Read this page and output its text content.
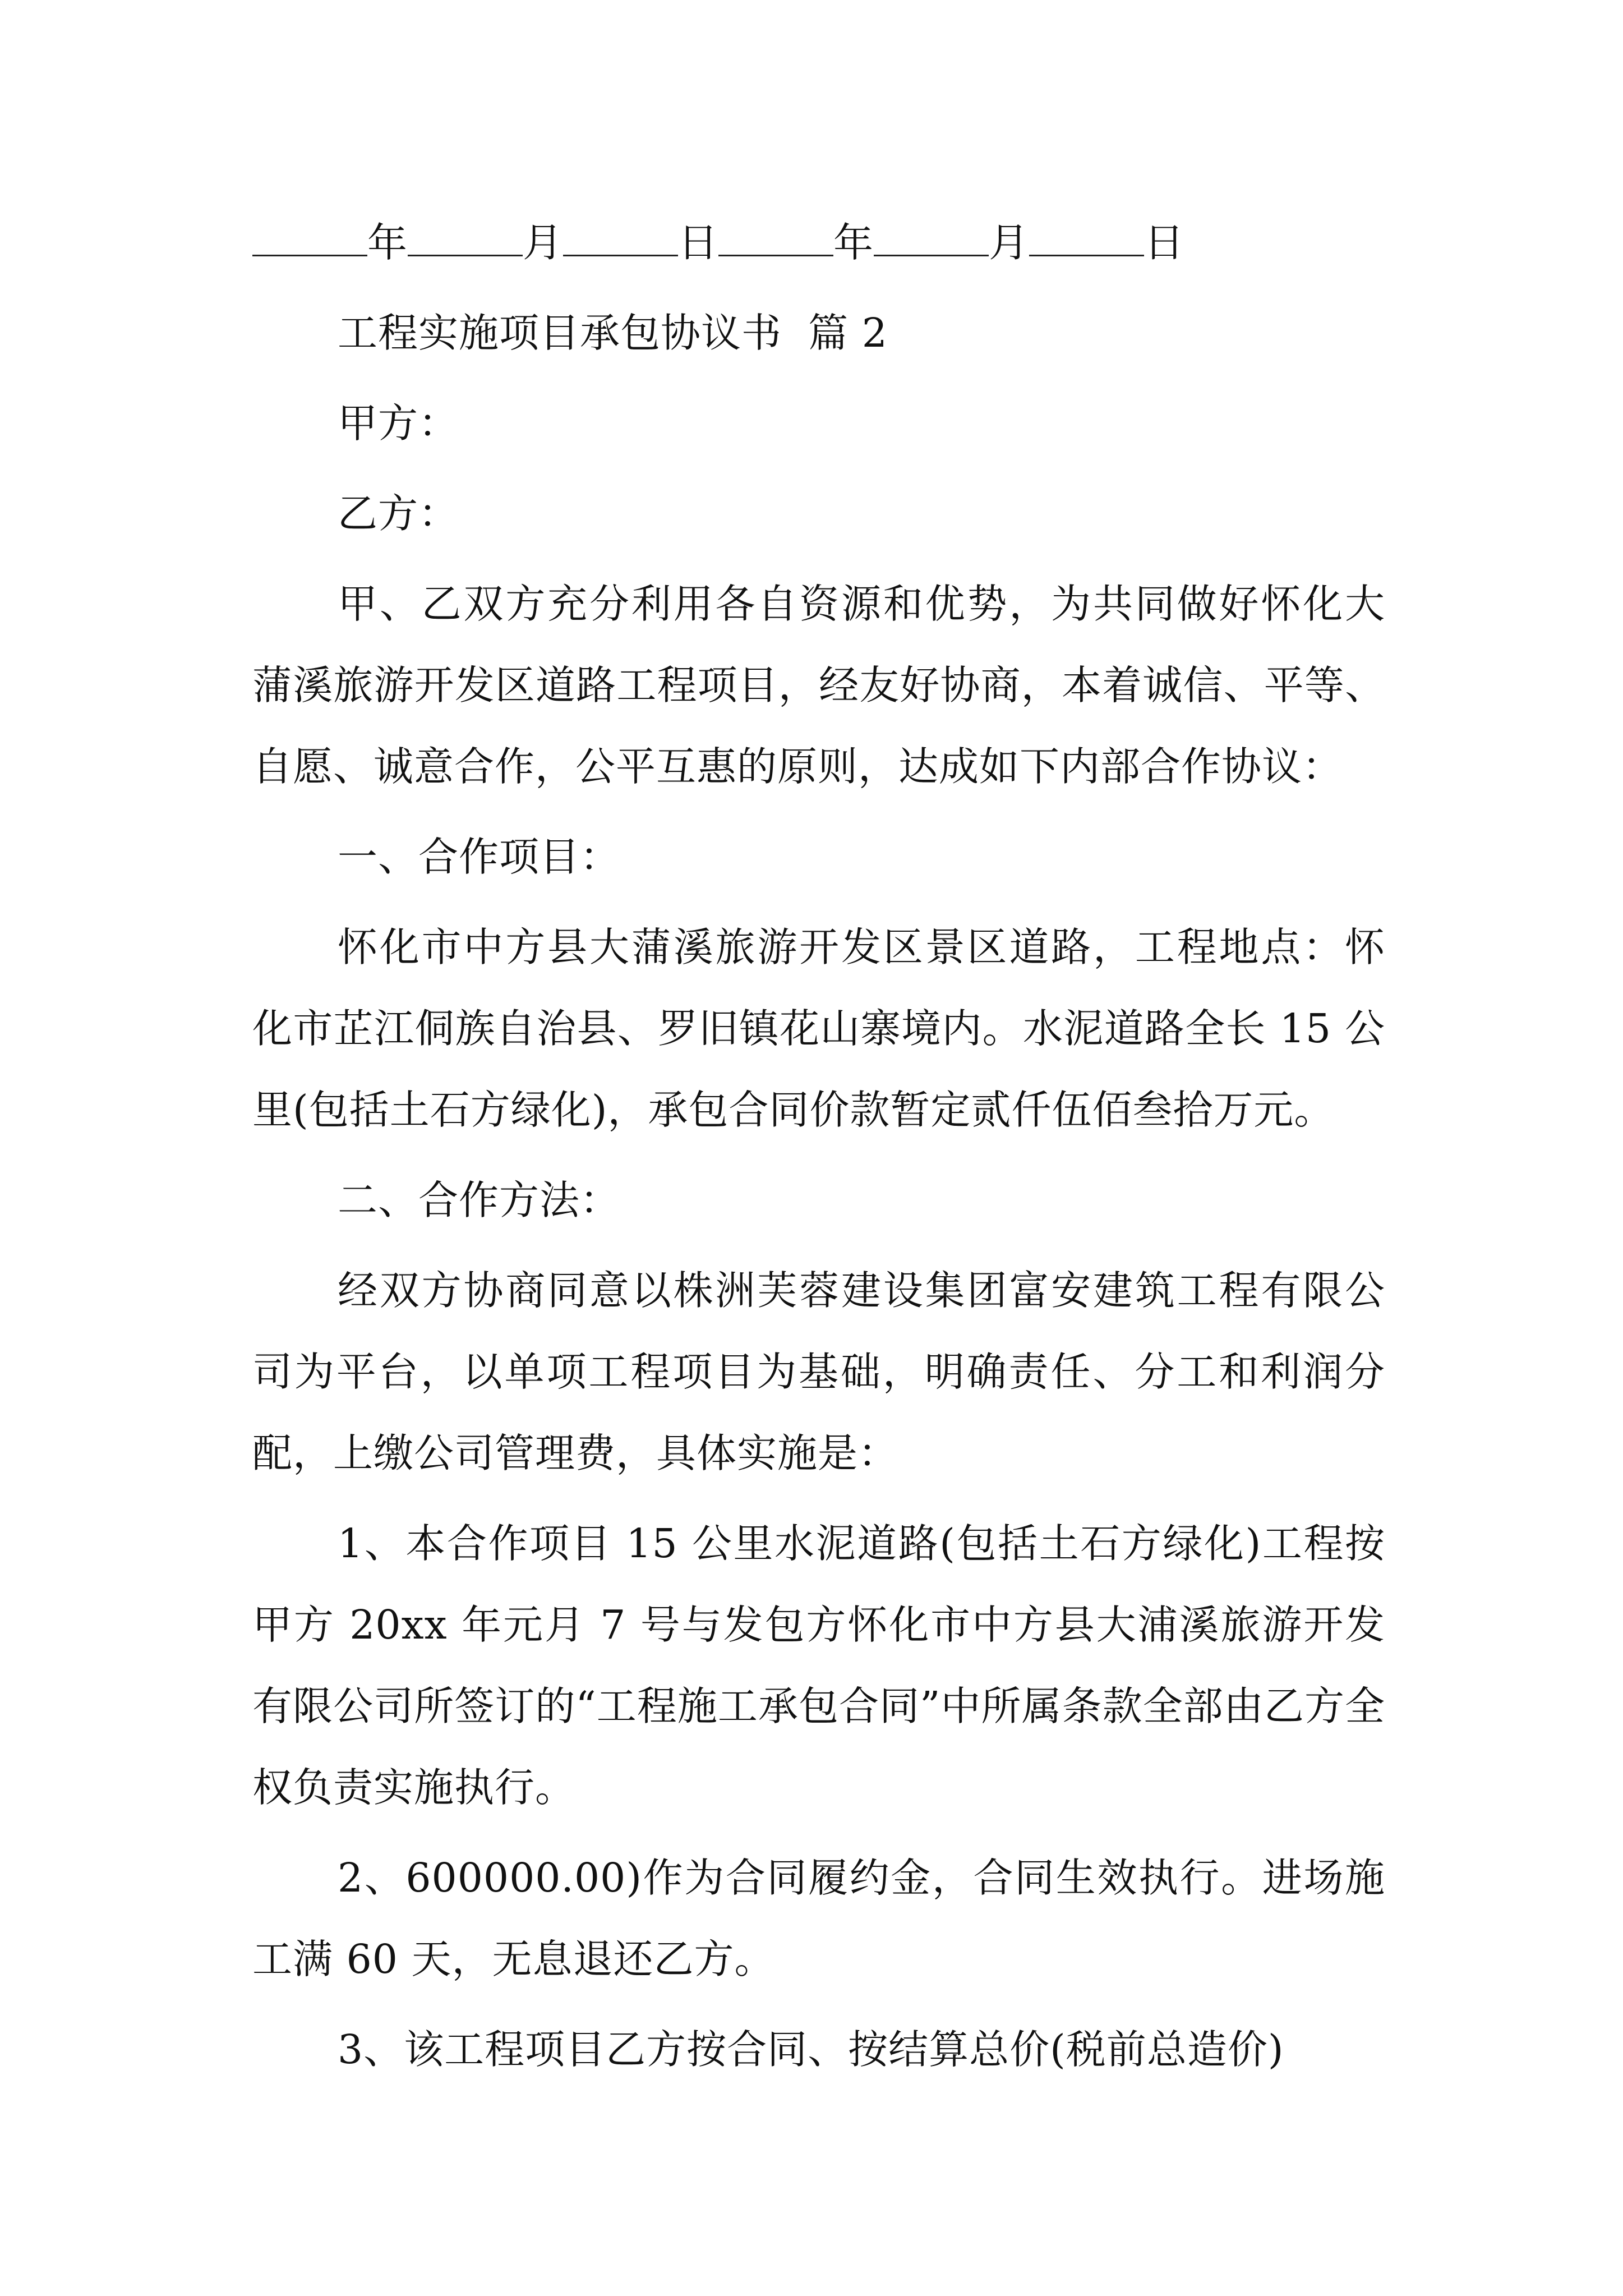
年	月	日	年	月	日

工程实施项目承包协议书  篇 2

甲方：

乙方：

甲、乙双方充分利用各自资源和优势，为共同做好怀化大蒲溪旅游开发区道路工程项目，经友好协商，本着诚信、平等、自愿、诚意合作，公平互惠的原则，达成如下内部合作协议：

一、合作项目：

怀化市中方县大蒲溪旅游开发区景区道路，工程地点：怀化市芷江侗族自治县、罗旧镇花山寨境内。水泥道路全长 15 公里(包括土石方绿化)，承包合同价款暂定贰仟伍佰叁拾万元。

二、合作方法：

经双方协商同意以株洲芙蓉建设集团富安建筑工程有限公司为平台，以单项工程项目为基础，明确责任、分工和利润分配，上缴公司管理费，具体实施是：

1、本合作项目 15 公里水泥道路(包括土石方绿化)工程按甲方 20xx 年元月 7 号与发包方怀化市中方县大浦溪旅游开发有限公司所签订的“工程施工承包合同”中所属条款全部由乙方全权负责实施执行。

2、600000.00)作为合同履约金，合同生效执行。进场施工满 60 天，无息退还乙方。

3、该工程项目乙方按合同、按结算总价(税前总造价)
